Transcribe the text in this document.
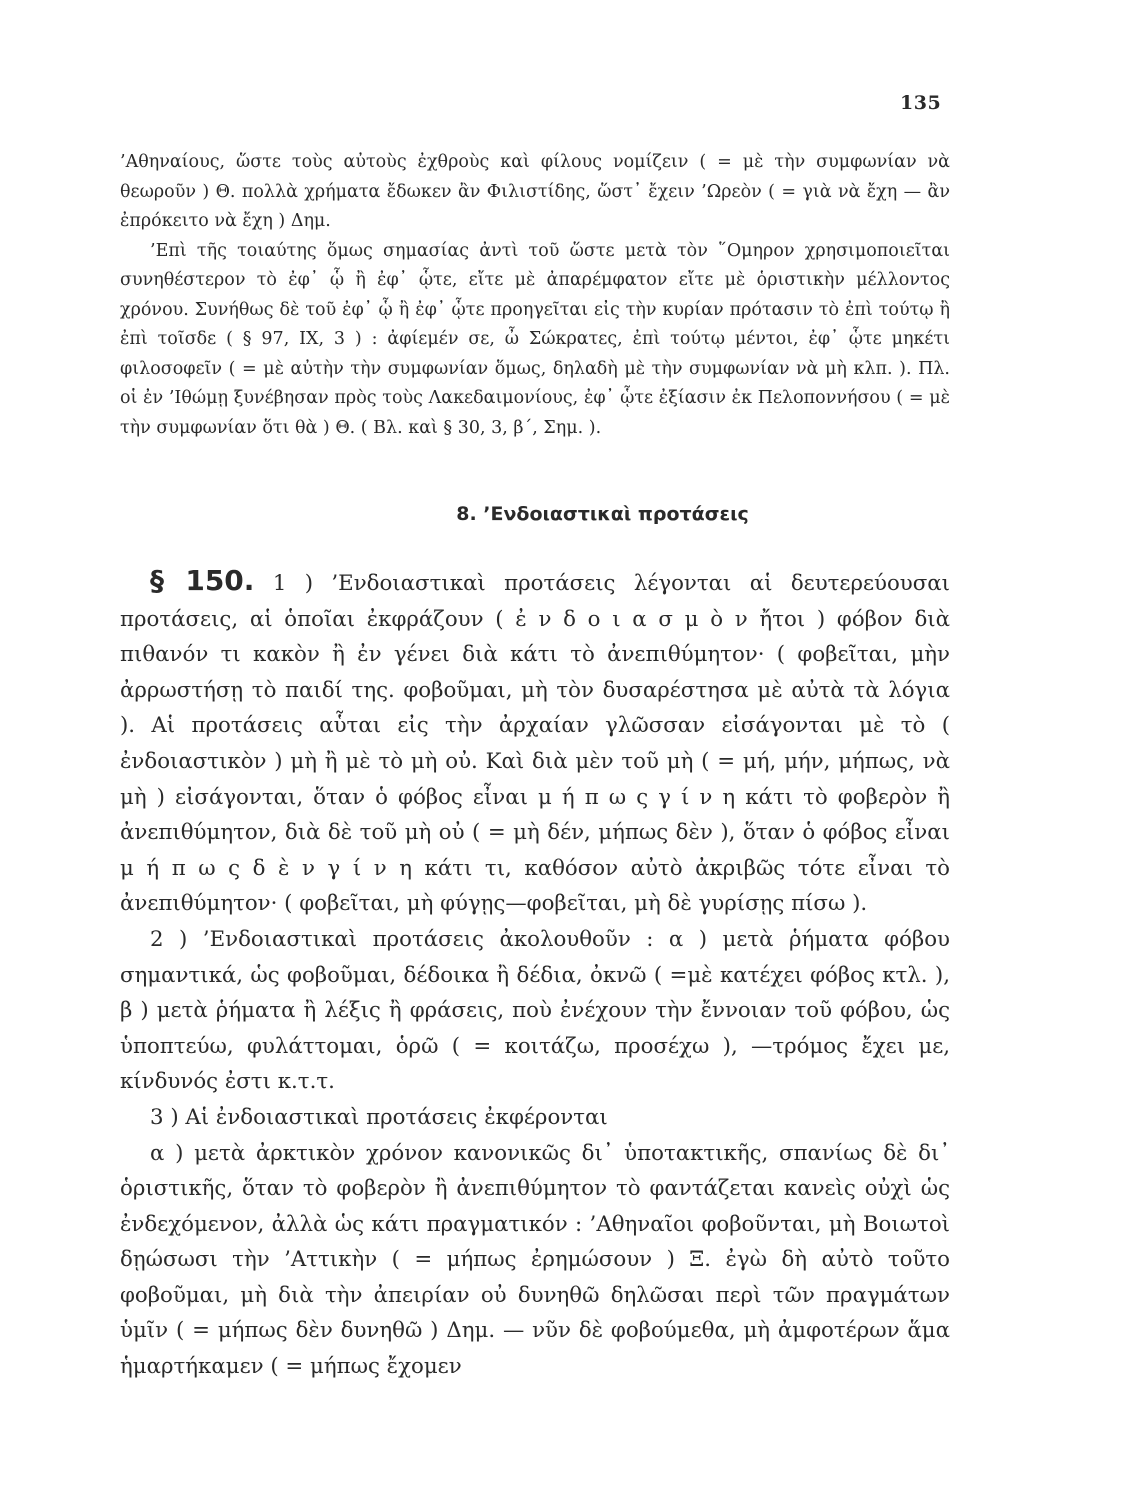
135

’Αθηναίους, ὥστε τοὺς αὐτοὺς ἐχθροὺς καὶ φίλους νομίζειν ( = μὲ τὴν συμφωνίαν νὰ θεωροῦν ) Θ. πολλὰ χρήματα ἔδωκεν ἂν Φιλιστίδης, ὥστ᾿ ἔχειν ’Ωρεὸν ( = γιὰ νὰ ἔχη — ἂν ἐπρόκειτο νὰ ἔχη ) Δημ.

’Επὶ τῆς τοιαύτης ὅμως σημασίας ἀντὶ τοῦ ὥστε μετὰ τὸν ῞Ομηρον χρησιμοποιεῖται συνηθέστερον τὸ ἐφ᾿ ᾧ ἢ ἐφ᾿ ᾧτε, εἴτε μὲ ἀπαρέμφατον εἴτε μὲ ὁριστικὴν μέλλοντος χρόνου. Συνήθως δὲ τοῦ ἐφ᾿ ᾧ ἢ ἐφ᾿ ᾧτε προηγεῖται εἰς τὴν κυρίαν πρότασιν τὸ ἐπὶ τούτῳ ἢ ἐπὶ τοῖσδε ( § 97, IX, 3 ) : ἀφίεμέν σε, ὦ Σώκρατες, ἐπὶ τούτῳ μέντοι, ἐφ᾿ ᾧτε μηκέτι φιλοσοφεῖν ( = μὲ αὐτὴν τὴν συμφωνίαν ὅμως, δηλαδὴ μὲ τὴν συμφωνίαν νὰ μὴ κλπ. ). Πλ. οἱ ἐν ’Ιθώμῃ ξυνέβησαν πρὸς τοὺς Λακεδαιμονίους, ἐφ᾿ ᾧτε ἐξίασιν ἐκ Πελοποννήσου ( = μὲ τὴν συμφωνίαν ὅτι θὰ ) Θ. ( Βλ. καὶ § 30, 3, β΄, Σημ. ).

8. ’Ενδοιαστικαὶ προτάσεις

§ 150. 1 ) ’Ενδοιαστικαὶ προτάσεις λέγονται αἱ δευτερεύουσαι προτάσεις, αἱ ὁποῖαι ἐκφράζουν ( ἐ ν δ ο ι α σ μ ὸ ν ἤτοι ) φόβον διὰ πιθανόν τι κακὸν ἢ ἐν γένει διὰ κάτι τὸ ἀνεπιθύμητον· ( φοβεῖται, μὴν ἀρρωστήσῃ τὸ παιδί της. φοβοῦμαι, μὴ τὸν δυσαρέστησα μὲ αὐτὰ τὰ λόγια ). Αἱ προτάσεις αὗται εἰς τὴν ἀρχαίαν γλῶσσαν εἰσάγονται μὲ τὸ ( ἐνδοιαστικὸν ) μὴ ἢ μὲ τὸ μὴ οὐ. Καὶ διὰ μὲν τοῦ μὴ ( = μή, μήν, μήπως, νὰ μὴ ) εἰσάγονται, ὅταν ὁ φόβος εἶναι μ ή π ω ς γ ί ν η κάτι τὸ φοβερὸν ἢ ἀνεπιθύμητον, διὰ δὲ τοῦ μὴ οὐ ( = μὴ δέν, μήπως δὲν ), ὅταν ὁ φόβος εἶναι μ ή π ω ς δ ὲ ν γ ί ν η κάτι τι, καθόσον αὐτὸ ἀκριβῶς τότε εἶναι τὸ ἀνεπιθύμητον· ( φοβεῖται, μὴ φύγῃς—φοβεῖται, μὴ δὲ γυρίσῃς πίσω ).

2 ) ’Ενδοιαστικαὶ προτάσεις ἀκολουθοῦν : α ) μετὰ ῥήματα φόβου σημαντικά, ὡς φοβοῦμαι, δέδοικα ἢ δέδια, ὀκνῶ ( =μὲ κατέχει φόβος κτλ. ), β ) μετὰ ῥήματα ἢ λέξις ἢ φράσεις, ποὺ ἐνέχουν τὴν ἔννοιαν τοῦ φόβου, ὡς ὑποπτεύω, φυλάττομαι, ὁρῶ ( = κοιτάζω, προσέχω ), —τρόμος ἔχει με, κίνδυνός ἐστι κ.τ.τ.

3 ) Αἱ ἐνδοιαστικαὶ προτάσεις ἐκφέρονται

α ) μετὰ ἀρκτικὸν χρόνον κανονικῶς δι᾿ ὑποτακτικῆς, σπανίως δὲ δι᾿ ὁριστικῆς, ὅταν τὸ φοβερὸν ἢ ἀνεπιθύμητον τὸ φαντάζεται κανεὶς οὐχὶ ὡς ἐνδεχόμενον, ἀλλὰ ὡς κάτι πραγματικόν : ’Αθηναῖοι φοβοῦνται, μὴ Βοιωτοὶ δῃώσωσι τὴν ’Αττικὴν ( = μήπως ἐρημώσουν ) Ξ. ἐγὼ δὴ αὐτὸ τοῦτο φοβοῦμαι, μὴ διὰ τὴν ἀπειρίαν οὐ δυνηθῶ δηλῶσαι περὶ τῶν πραγμάτων ὑμῖν ( = μήπως δὲν δυνηθῶ ) Δημ. — νῦν δὲ φοβούμεθα, μὴ ἀμφοτέρων ἅμα ἡμαρτήκαμεν ( = μήπως ἔχομεν
